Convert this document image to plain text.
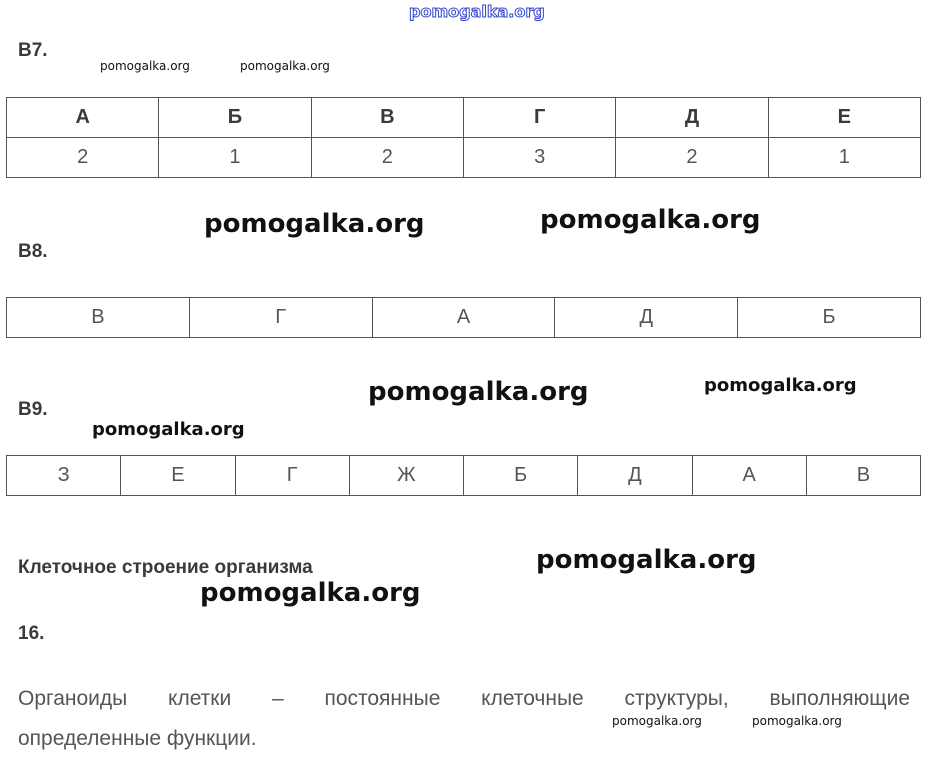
pomogalka.org
В7.
pomogalka.org	pomogalka.org
А	Б	В	Г	Д	Е
2	1	2	3	2	1
pomogalka.org	pomogalka.org
В8.
В	Г	А	Д	Б
pomogalka.org	pomogalka.org
В9.
pomogalka.org
З	Е	Г	Ж	Б	Д	А	В
pomogalka.org
Клеточное строение организма
pomogalka.org
16.
Органоиды клетки – постоянные клеточные структуры, выполняющие
pomogalka.org	pomogalka.org
определенные функции.
